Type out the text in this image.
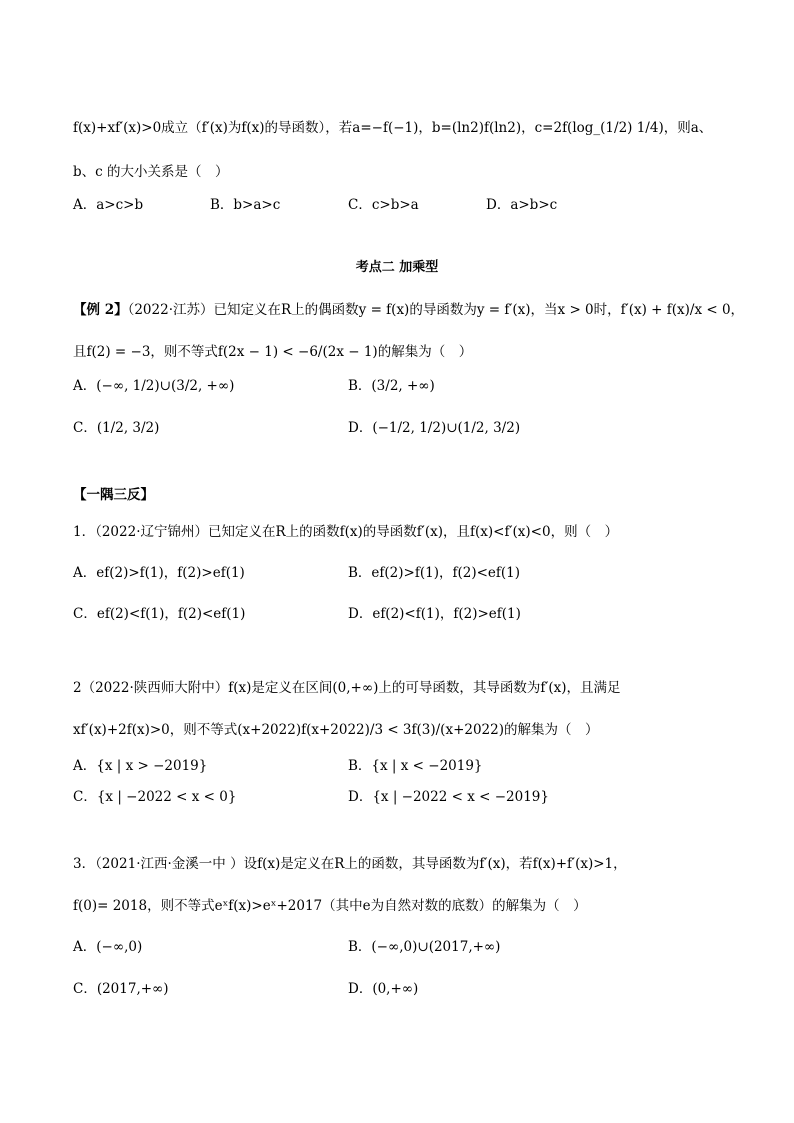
f(x)+xf′(x)>0成立（f′(x)为f(x)的导函数），若a=−f(−1)，b=(ln2)f(ln2)，c=2f(log_(1/2) 1/4)，则a、
b、c 的大小关系是（　）
A．a>c>b	B．b>a>c	C．c>b>a	D．a>b>c
考点二 加乘型
【例 2】（2022·江苏）已知定义在R上的偶函数y = f(x)的导函数为y = f′(x)，当x > 0时，f′(x) + f(x)/x < 0，
且f(2) = −3，则不等式f(2x − 1) < −6/(2x − 1)的解集为（　）
A．(−∞, 1/2)∪(3/2, +∞)	B．(3/2, +∞)
C．(1/2, 3/2)	D．(−1/2, 1/2)∪(1/2, 3/2)
【一隅三反】
1．（2022·辽宁锦州）已知定义在R上的函数f(x)的导函数f′(x)，且f(x)<f′(x)<0，则（　）
A．ef(2)>f(1)，f(2)>ef(1)	B．ef(2)>f(1)，f(2)<ef(1)
C．ef(2)<f(1)，f(2)<ef(1)	D．ef(2)<f(1)，f(2)>ef(1)
2（2022·陕西师大附中）f(x)是定义在区间(0,+∞)上的可导函数，其导函数为f′(x)，且满足
xf′(x)+2f(x)>0，则不等式(x+2022)f(x+2022)/3 < 3f(3)/(x+2022)的解集为（　）
A．{x | x > −2019}	B．{x | x < −2019}
C．{x | −2022 < x < 0}	D．{x | −2022 < x < −2019}
3．（2021·江西·金溪一中 ）设f(x)是定义在R上的函数，其导函数为f′(x)，若f(x)+f′(x)>1，
f(0)= 2018，则不等式eˣf(x)>eˣ+2017（其中e为自然对数的底数）的解集为（　）
A．(−∞,0)	B．(−∞,0)∪(2017,+∞)
C．(2017,+∞)	D．(0,+∞)
